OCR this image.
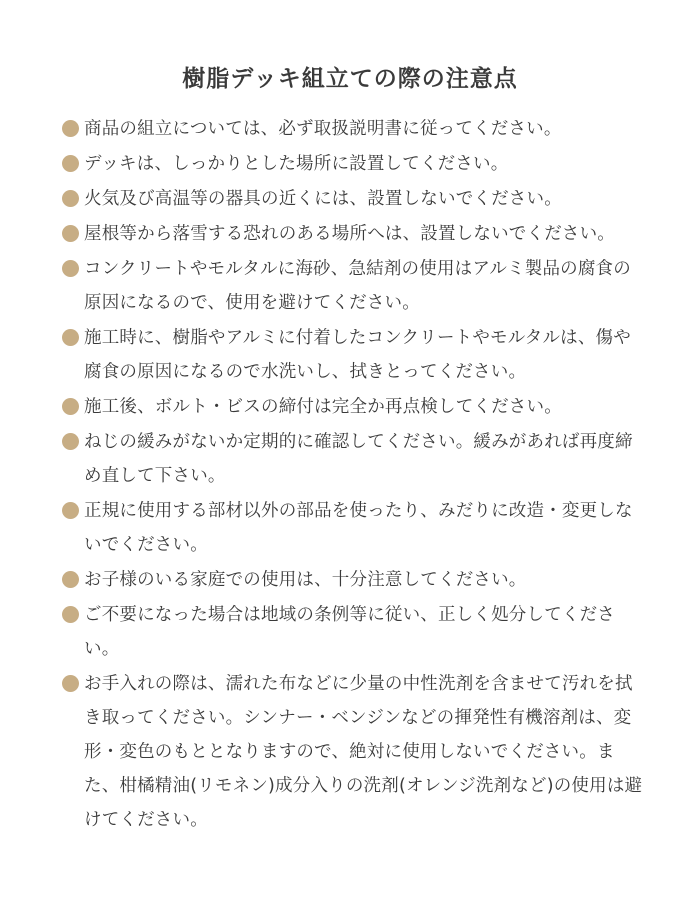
樹脂デッキ組立ての際の注意点
商品の組立については、必ず取扱説明書に従ってください。
デッキは、しっかりとした場所に設置してください。
火気及び高温等の器具の近くには、設置しないでください。
屋根等から落雪する恐れのある場所へは、設置しないでください。
コンクリートやモルタルに海砂、急結剤の使用はアルミ製品の腐食の原因になるので、使用を避けてください。
施工時に、樹脂やアルミに付着したコンクリートやモルタルは、傷や腐食の原因になるので水洗いし、拭きとってください。
施工後、ボルト・ビスの締付は完全か再点検してください。
ねじの緩みがないか定期的に確認してください。緩みがあれば再度締め直して下さい。
正規に使用する部材以外の部品を使ったり、みだりに改造・変更しないでください。
お子様のいる家庭での使用は、十分注意してください。
ご不要になった場合は地域の条例等に従い、正しく処分してください。
お手入れの際は、濡れた布などに少量の中性洗剤を含ませて汚れを拭き取ってください。シンナー・ベンジンなどの揮発性有機溶剤は、変形・変色のもととなりますので、絶対に使用しないでください。また、柑橘精油(リモネン)成分入りの洗剤(オレンジ洗剤など)の使用は避けてください。
